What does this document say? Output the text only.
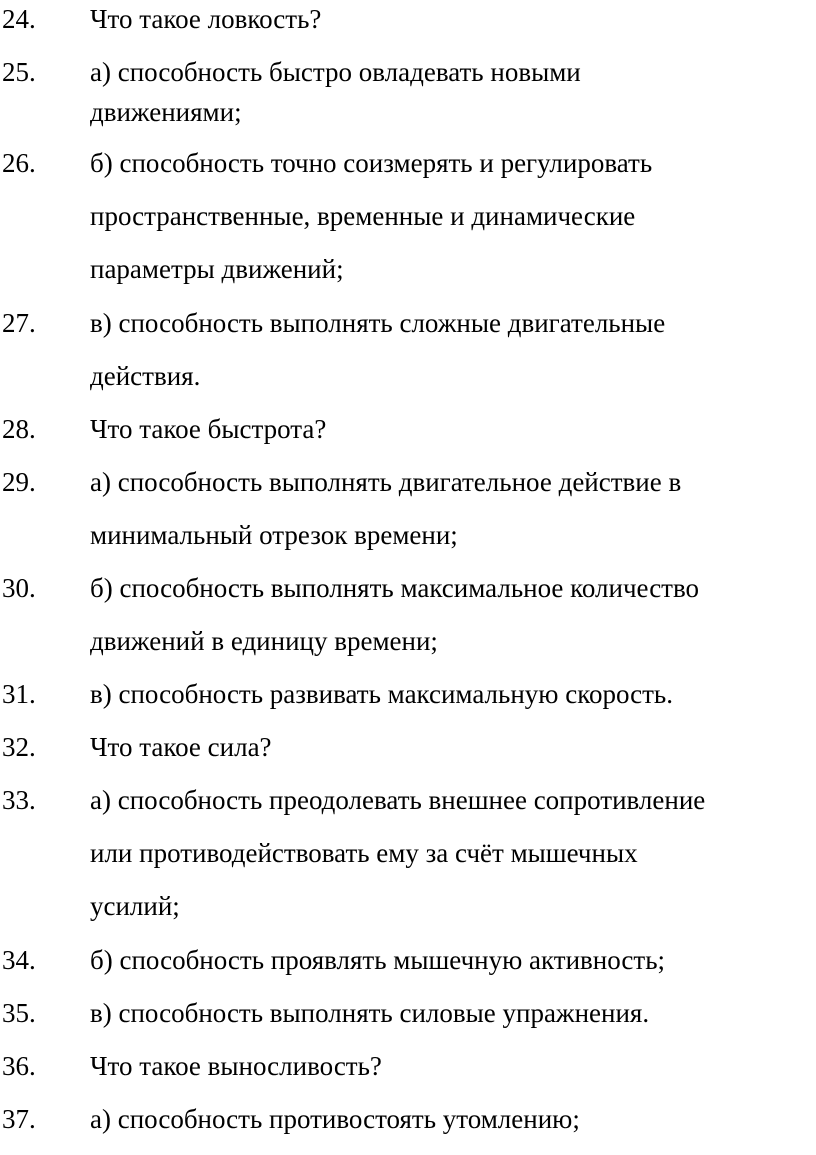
24. Что такое ловкость?
25. а) способность быстро овладевать новыми
движениями;
26. б) способность точно соизмерять и регулировать
пространственные, временные и динамические
параметры движений;
27. в) способность выполнять сложные двигательные
действия.
28. Что такое быстрота?
29. а) способность выполнять двигательное действие в
минимальный отрезок времени;
30. б) способность выполнять максимальное количество
движений в единицу времени;
31. в) способность развивать максимальную скорость.
32. Что такое сила?
33. а) способность преодолевать внешнее сопротивление
или противодействовать ему за счёт мышечных
усилий;
34. б) способность проявлять мышечную активность;
35. в) способность выполнять силовые упражнения.
36. Что такое выносливость?
37. а) способность противостоять утомлению;
